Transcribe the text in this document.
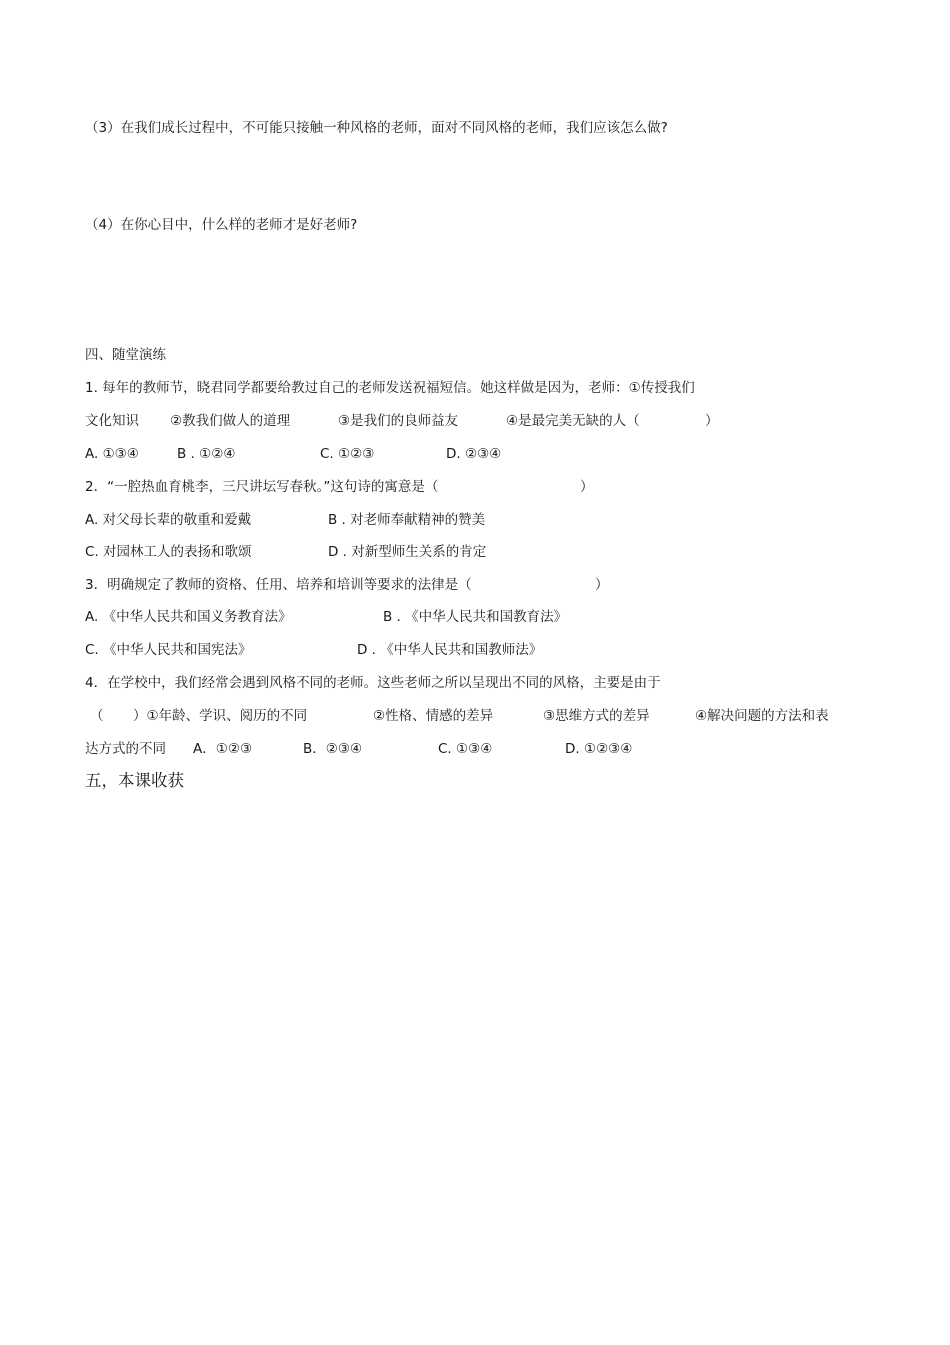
（3）在我们成长过程中，不可能只接触一种风格的老师，面对不同风格的老师，我们应该怎么做?
（4）在你心目中，什么样的老师才是好老师?
四、随堂演练
1. 每年的教师节，晓君同学都要给教过自己的老师发送祝福短信。她这样做是因为，老师：①传授我们
文化知识 ②教我们做人的道理	③是我们的良师益友	④是最完美无缺的人（	）
A. ①③④	B . ①②④	C. ①②③	D. ②③④
2．“一腔热血育桃李，三尺讲坛写春秋。”这句诗的寓意是（	）
A. 对父母长辈的敬重和爱戴	B . 对老师奉献精神的赞美
C. 对园林工人的表扬和歌颂	D . 对新型师生关系的肯定
3．明确规定了教师的资格、任用、培养和培训等要求的法律是（	）
A. 《中华人民共和国义务教育法》	B . 《中华人民共和国教育法》
C. 《中华人民共和国宪法》	D . 《中华人民共和国教师法》
4．在学校中，我们经常会遇到风格不同的老师。这些老师之所以呈现出不同的风格，主要是由于
（ ）①年龄、学识、阅历的不同	②性格、情感的差异	③思维方式的差异	④解决问题的方法和表
达方式的不同 A．①②③	B．②③④	C. ①③④	D. ①②③④
五，本课收获
